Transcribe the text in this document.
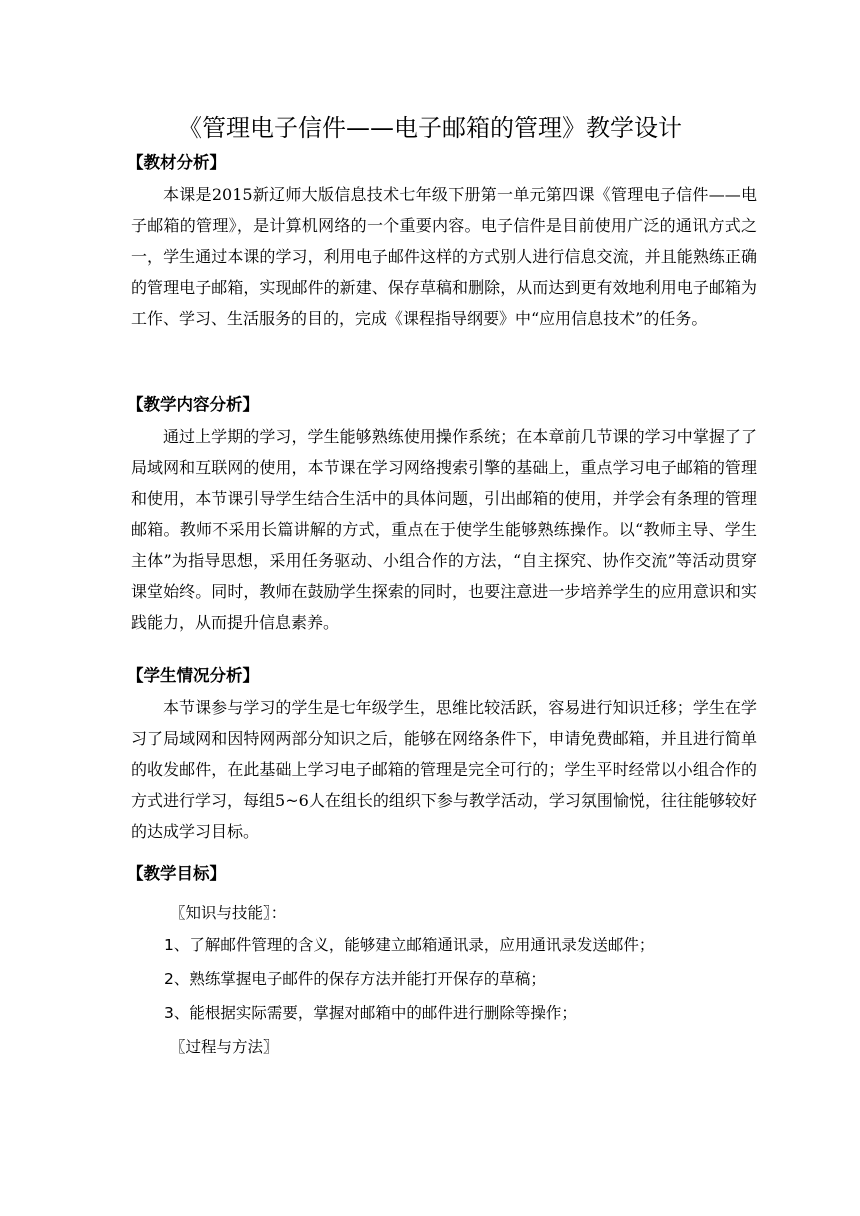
《管理电子信件——电子邮箱的管理》教学设计
【教材分析】

本课是2015新辽师大版信息技术七年级下册第一单元第四课《管理电子信件——电子邮箱的管理》，是计算机网络的一个重要内容。电子信件是目前使用广泛的通讯方式之一，学生通过本课的学习，利用电子邮件这样的方式别人进行信息交流，并且能熟练正确的管理电子邮箱，实现邮件的新建、保存草稿和删除，从而达到更有效地利用电子邮箱为工作、学习、生活服务的目的，完成《课程指导纲要》中“应用信息技术”的任务。

【教学内容分析】

通过上学期的学习，学生能够熟练使用操作系统；在本章前几节课的学习中掌握了了局域网和互联网的使用，本节课在学习网络搜索引擎的基础上，重点学习电子邮箱的管理和使用，本节课引导学生结合生活中的具体问题，引出邮箱的使用，并学会有条理的管理邮箱。教师不采用长篇讲解的方式，重点在于使学生能够熟练操作。以“教师主导、学生主体”为指导思想，采用任务驱动、小组合作的方法，“自主探究、协作交流”等活动贯穿课堂始终。同时，教师在鼓励学生探索的同时，也要注意进一步培养学生的应用意识和实践能力，从而提升信息素养。

【学生情况分析】

本节课参与学习的学生是七年级学生，思维比较活跃，容易进行知识迁移；学生在学习了局域网和因特网两部分知识之后，能够在网络条件下，申请免费邮箱，并且进行简单的收发邮件，在此基础上学习电子邮箱的管理是完全可行的；学生平时经常以小组合作的方式进行学习，每组5~6人在组长的组织下参与教学活动，学习氛围愉悦，往往能够较好的达成学习目标。

【教学目标】
〖知识与技能〗：
1、了解邮件管理的含义，能够建立邮箱通讯录，应用通讯录发送邮件；
2、熟练掌握电子邮件的保存方法并能打开保存的草稿；
3、能根据实际需要，掌握对邮箱中的邮件进行删除等操作；
〖过程与方法〗
